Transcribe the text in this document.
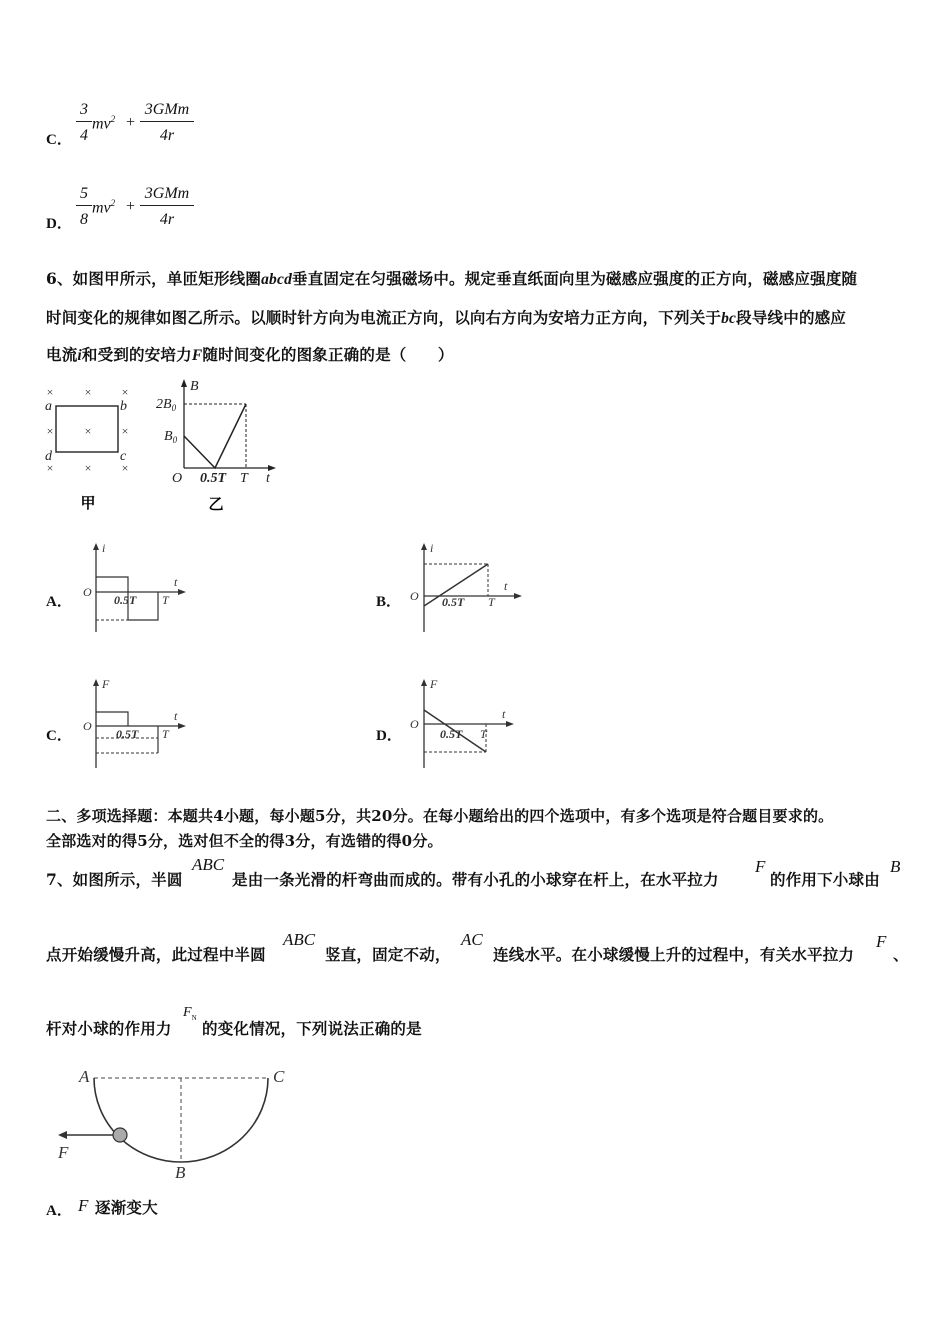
C．
3
4
$mv^2$ +
3GMm
4r
D．
5
8
$mv^2$ +
3GMm
4r
6、如图甲所示，单匝矩形线圈abcd垂直固定在匀强磁场中。规定垂直纸面向里为磁感应强度的正方向，磁感应强度随
时间变化的规律如图乙所示。以顺时针方向为电流正方向，以向右方向为安培力正方向，下列关于bc段导线中的感应
电流i和受到的安培力F随时间变化的图象正确的是（　　）
×	×	×
×	×	×
×	×	×
a	b
c
d
甲
B
$2B_0$
$B_0$
O 0.5T T t
乙
A．
i
O
0.5T T
t
B．
i
O 0.5T T
t
C．
F
O
0.5T T
t
D．
F
O
0.5T T
t
二、多项选择题：本题共4小题，每小题5分，共20分。在每小题给出的四个选项中，有多个选项是符合题目要求的。
全部选对的得5分，选对但不全的得3分，有选错的得0分。
7、如图所示，半圆
ABC
是由一条光滑的杆弯曲而成的。带有小孔的小球穿在杆上，在水平拉力
F
的作用下小球由
B
点开始缓慢升高，此过程中半圆
ABC
竖直，固定不动，
AC
连线水平。在小球缓慢上升的过程中，有关水平拉力
F
、
杆对小球的作用力
$F_N$
的变化情况，下列说法正确的是
A	C
B
F
A． F 逐渐变大
